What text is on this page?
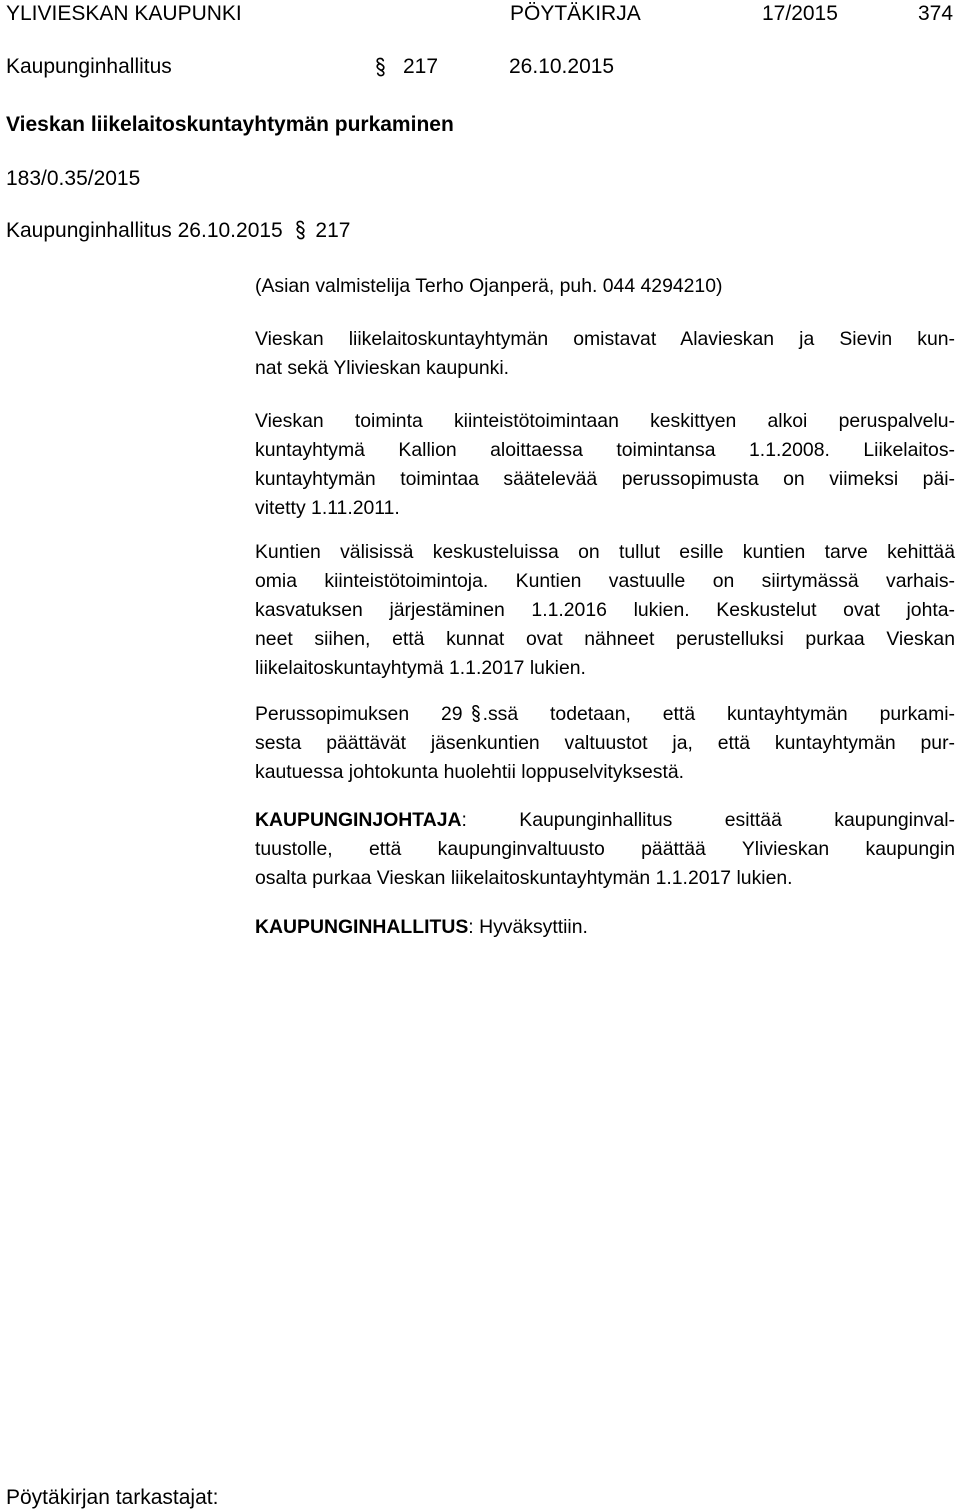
YLIVIESKAN KAUPUNKI	PÖYTÄKIRJA	17/2015	374
Kaupunginhallitus	217	26.10.2015
Vieskan liikelaitoskuntayhtymän purkaminen
183/0.35/2015
Kaupunginhallitus 26.10.2015 217
(Asian valmistelija Terho Ojanperä, puh. 044 4294210)
Vieskan liikelaitoskuntayhtymän omistavat Alavieskan ja Sievin kun-
nat sekä Ylivieskan kaupunki.
Vieskan toiminta kiinteistötoimintaan keskittyen alkoi peruspalvelu-
kuntayhtymä Kallion aloittaessa toimintansa 1.1.2008. Liikelaitos-
kuntayhtymän toimintaa säätelevää perussopimusta on viimeksi päi-
vitetty 1.11.2011.
Kuntien välisissä keskusteluissa on tullut esille kuntien tarve kehittää
omia kiinteistötoimintoja. Kuntien vastuulle on siirtymässä varhais-
kasvatuksen järjestäminen 1.1.2016 lukien. Keskustelut ovat johta-
neet siihen, että kunnat ovat nähneet perustelluksi purkaa Vieskan
liikelaitoskuntayhtymä 1.1.2017 lukien.
Perussopimuksen 29 .ssä todetaan, että kuntayhtymän purkami-
sesta päättävät jäsenkuntien valtuustot ja, että kuntayhtymän pur-
kautuessa johtokunta huolehtii loppuselvityksestä.
KAUPUNGINJOHTAJA: Kaupunginhallitus esittää kaupunginval-
tuustolle, että kaupunginvaltuusto päättää Ylivieskan kaupungin
osalta purkaa Vieskan liikelaitoskuntayhtymän 1.1.2017 lukien.
KAUPUNGINHALLITUS: Hyväksyttiin.
Pöytäkirjan tarkastajat:
